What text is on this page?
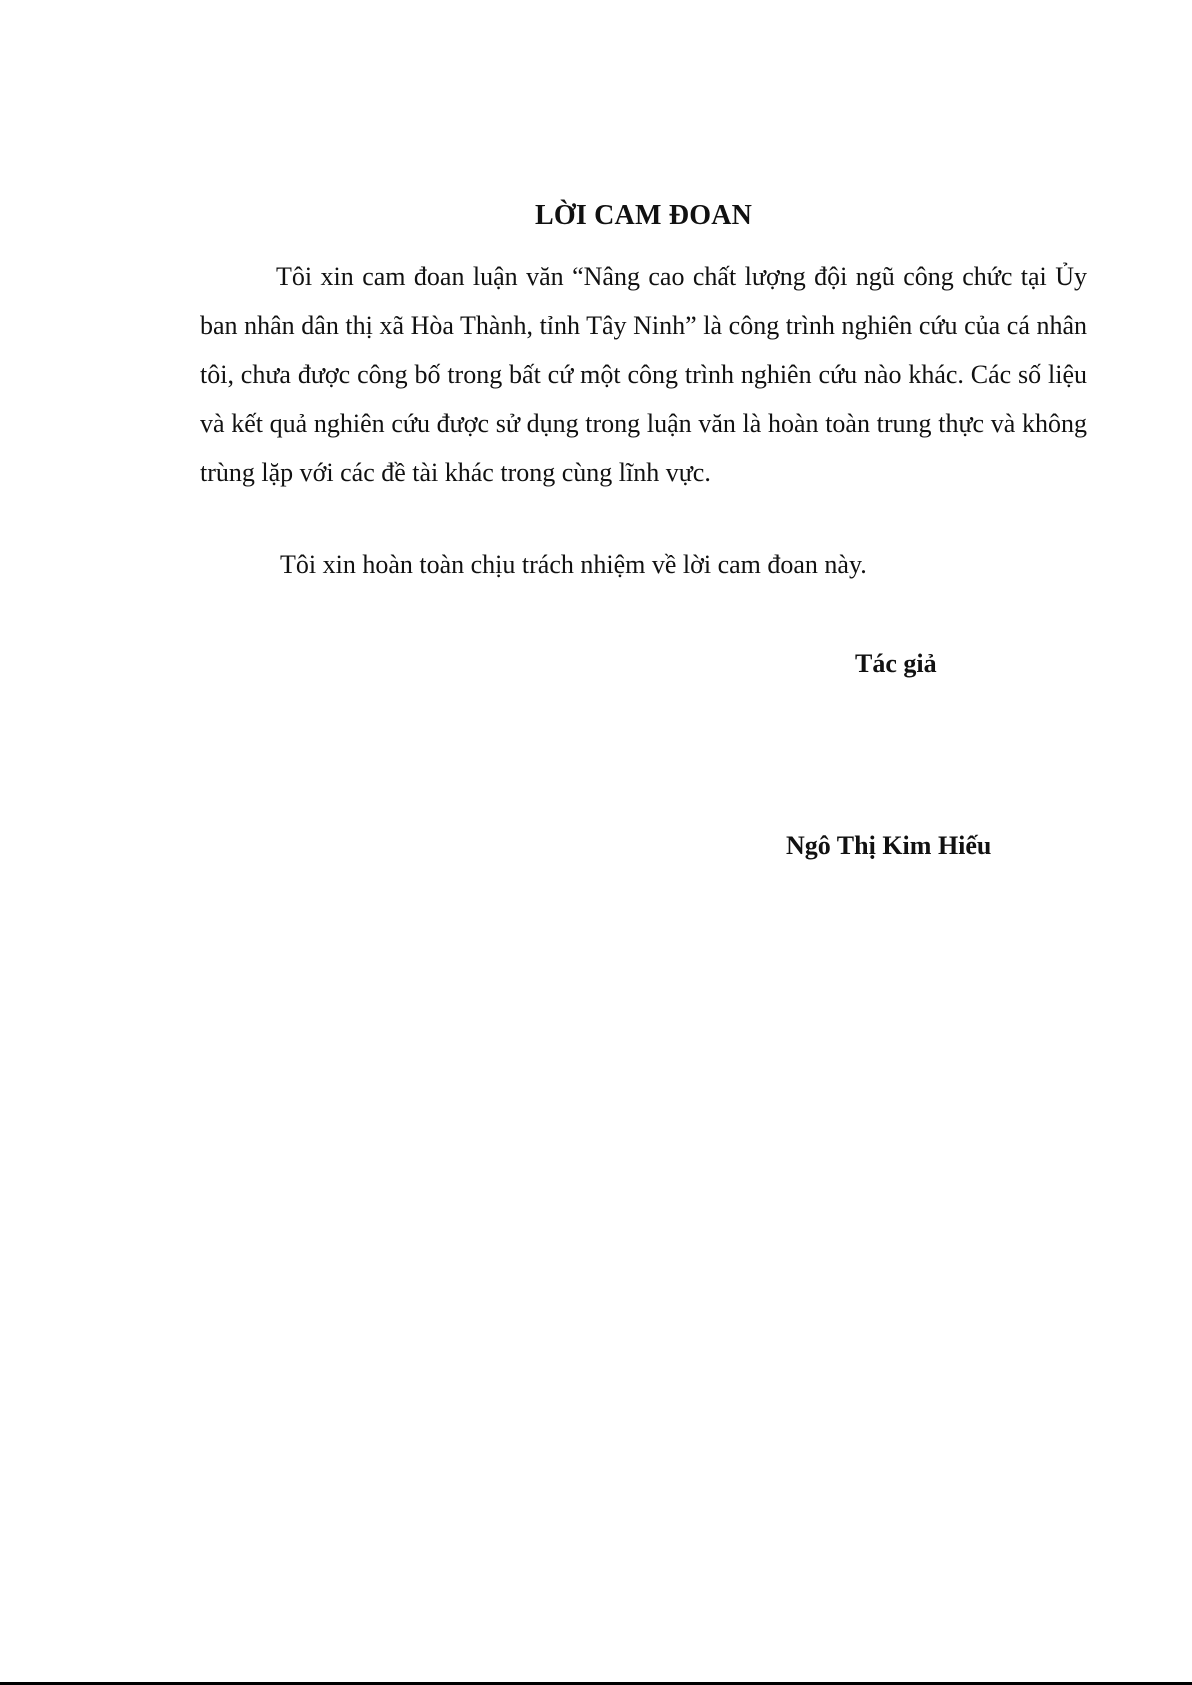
LỜI CAM ĐOAN

Tôi xin cam đoan luận văn “Nâng cao chất lượng đội ngũ công chức tại Ủy ban nhân dân thị xã Hòa Thành, tỉnh Tây Ninh” là công trình nghiên cứu của cá nhân tôi, chưa được công bố trong bất cứ một công trình nghiên cứu nào khác. Các số liệu và kết quả nghiên cứu được sử dụng trong luận văn là hoàn toàn trung thực và không trùng lặp với các đề tài khác trong cùng lĩnh vực.

Tôi xin hoàn toàn chịu trách nhiệm về lời cam đoan này.

Tác giả
Ngô Thị Kim Hiếu
